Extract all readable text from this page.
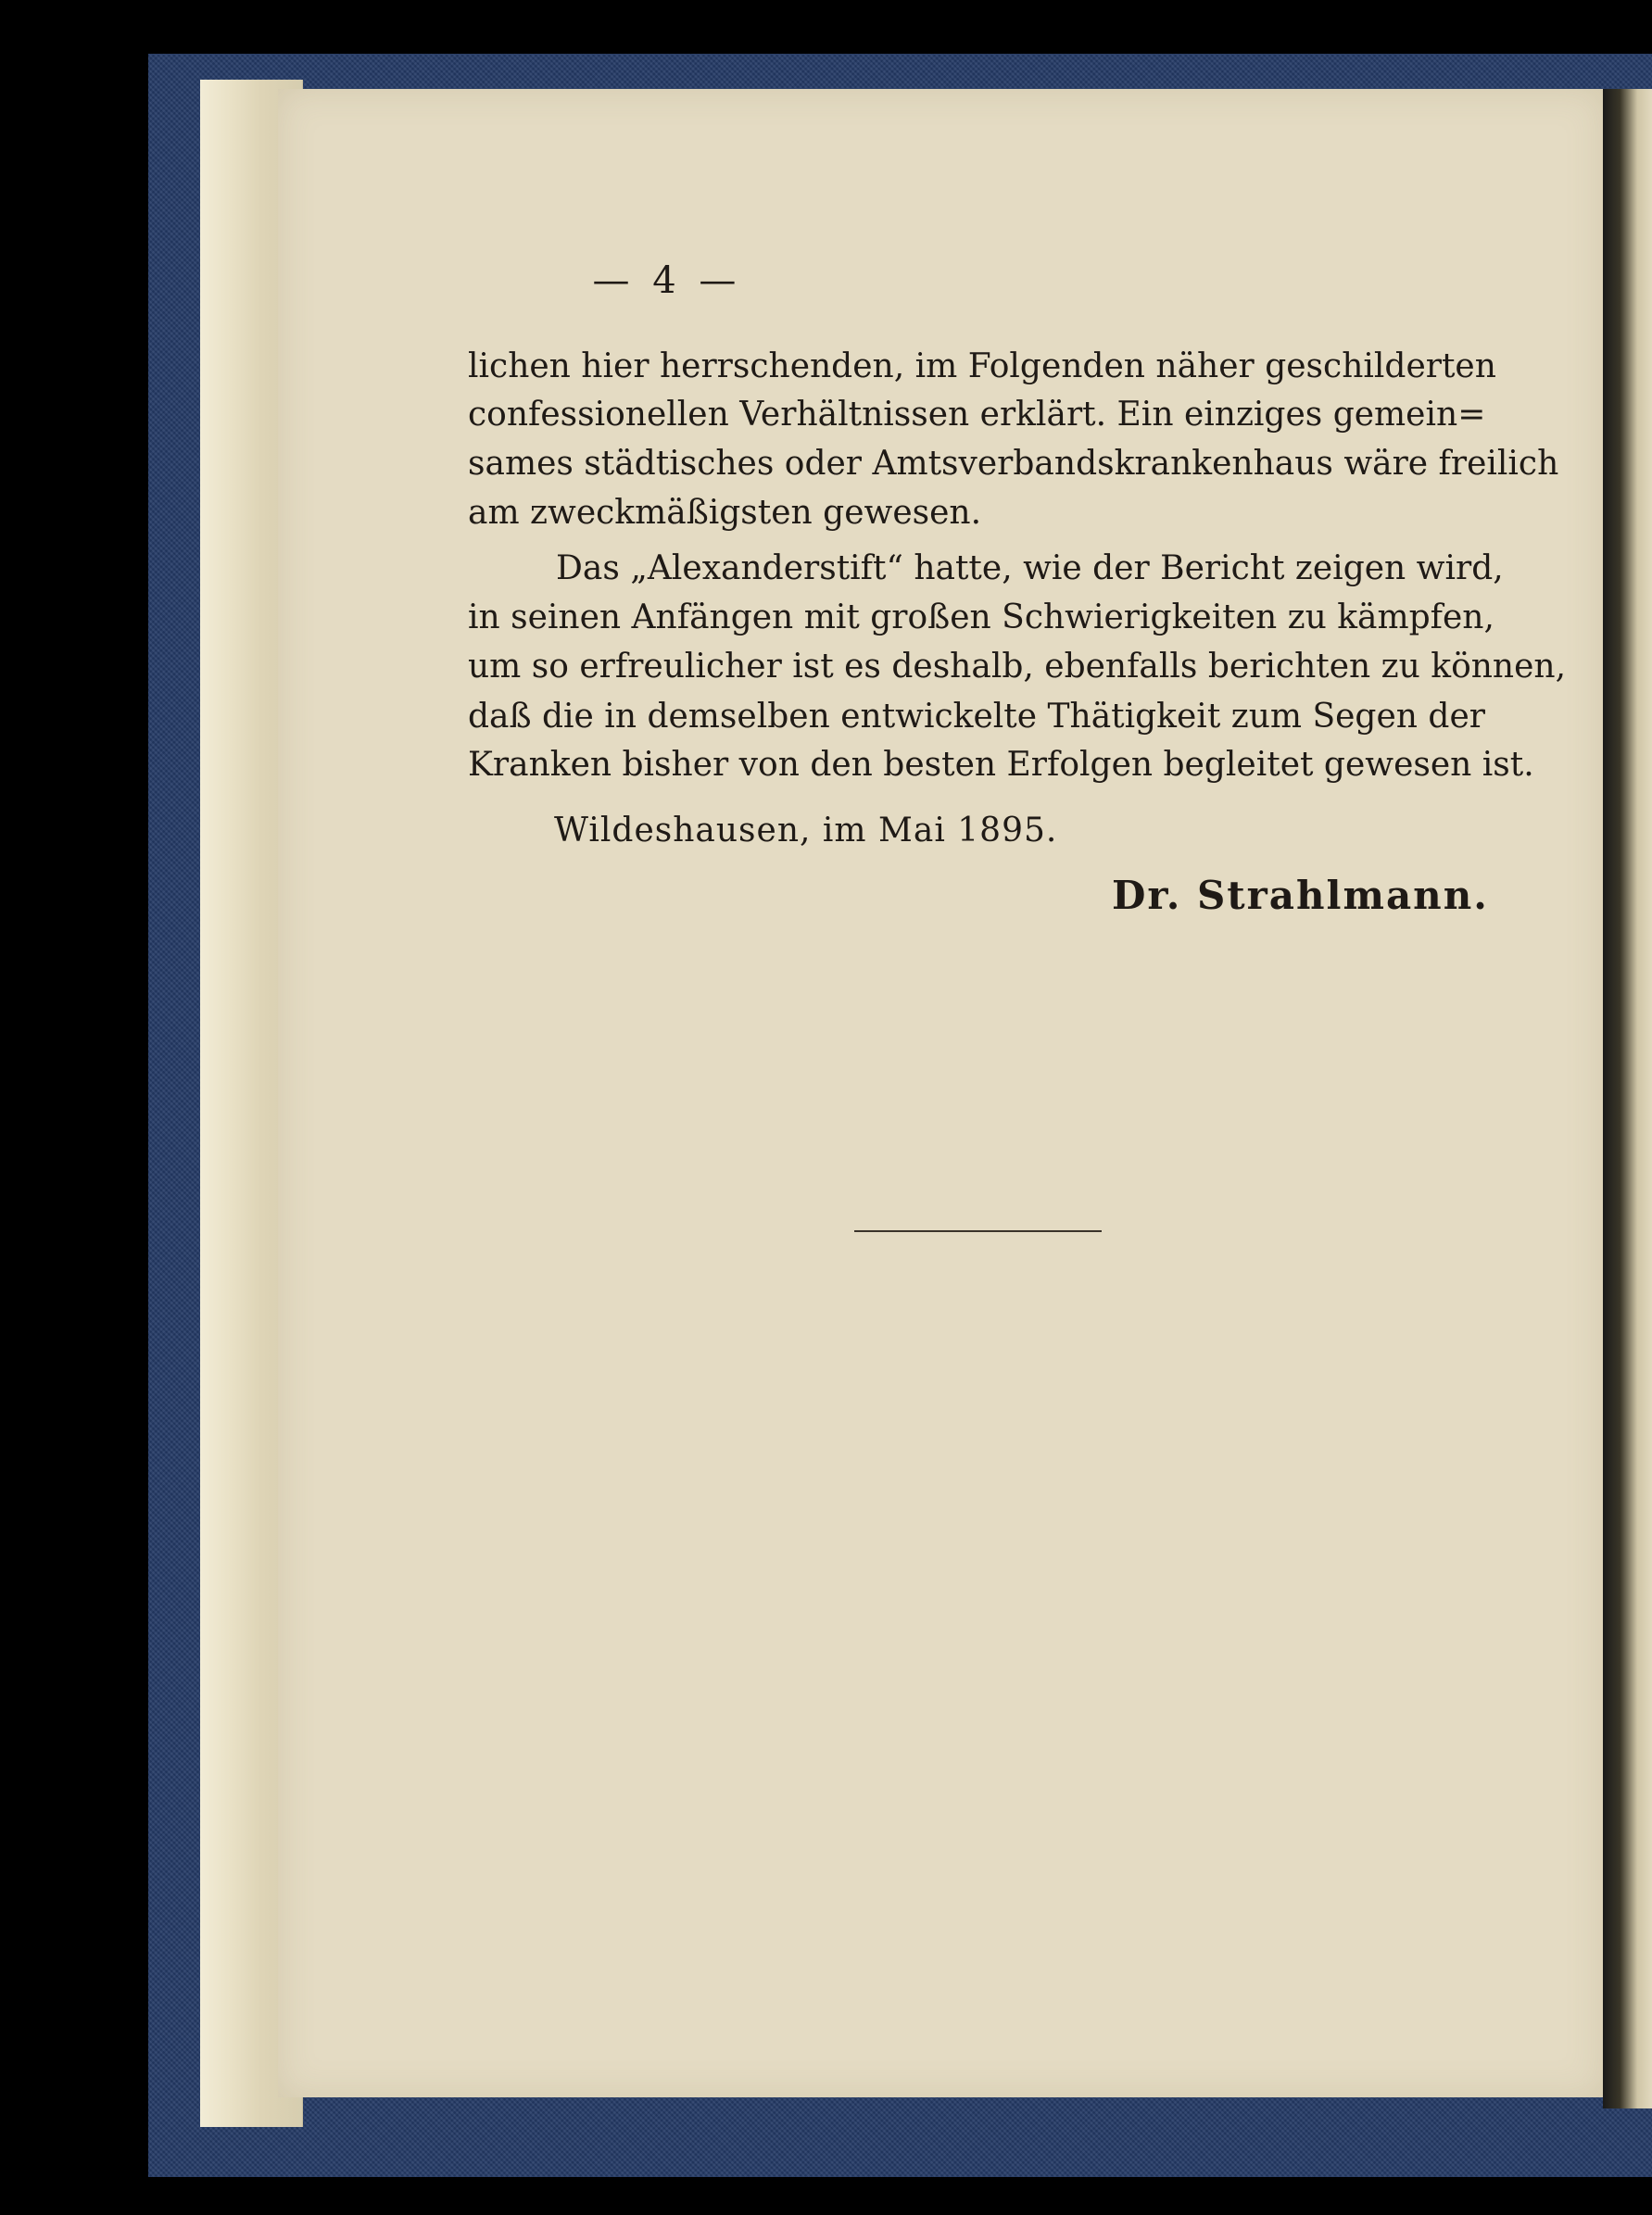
— 4 —
lichen hier herrschenden, im Folgenden näher geschilderten
confessionellen Verhältnissen erklärt. Ein einziges gemein=
sames städtisches oder Amtsverbandskrankenhaus wäre freilich
am zweckmäßigsten gewesen.
Das „Alexanderstift“ hatte, wie der Bericht zeigen wird,
in seinen Anfängen mit großen Schwierigkeiten zu kämpfen,
um so erfreulicher ist es deshalb, ebenfalls berichten zu können,
daß die in demselben entwickelte Thätigkeit zum Segen der
Kranken bisher von den besten Erfolgen begleitet gewesen ist.
Wildeshausen, im Mai 1895.
Dr. Strahlmann.
